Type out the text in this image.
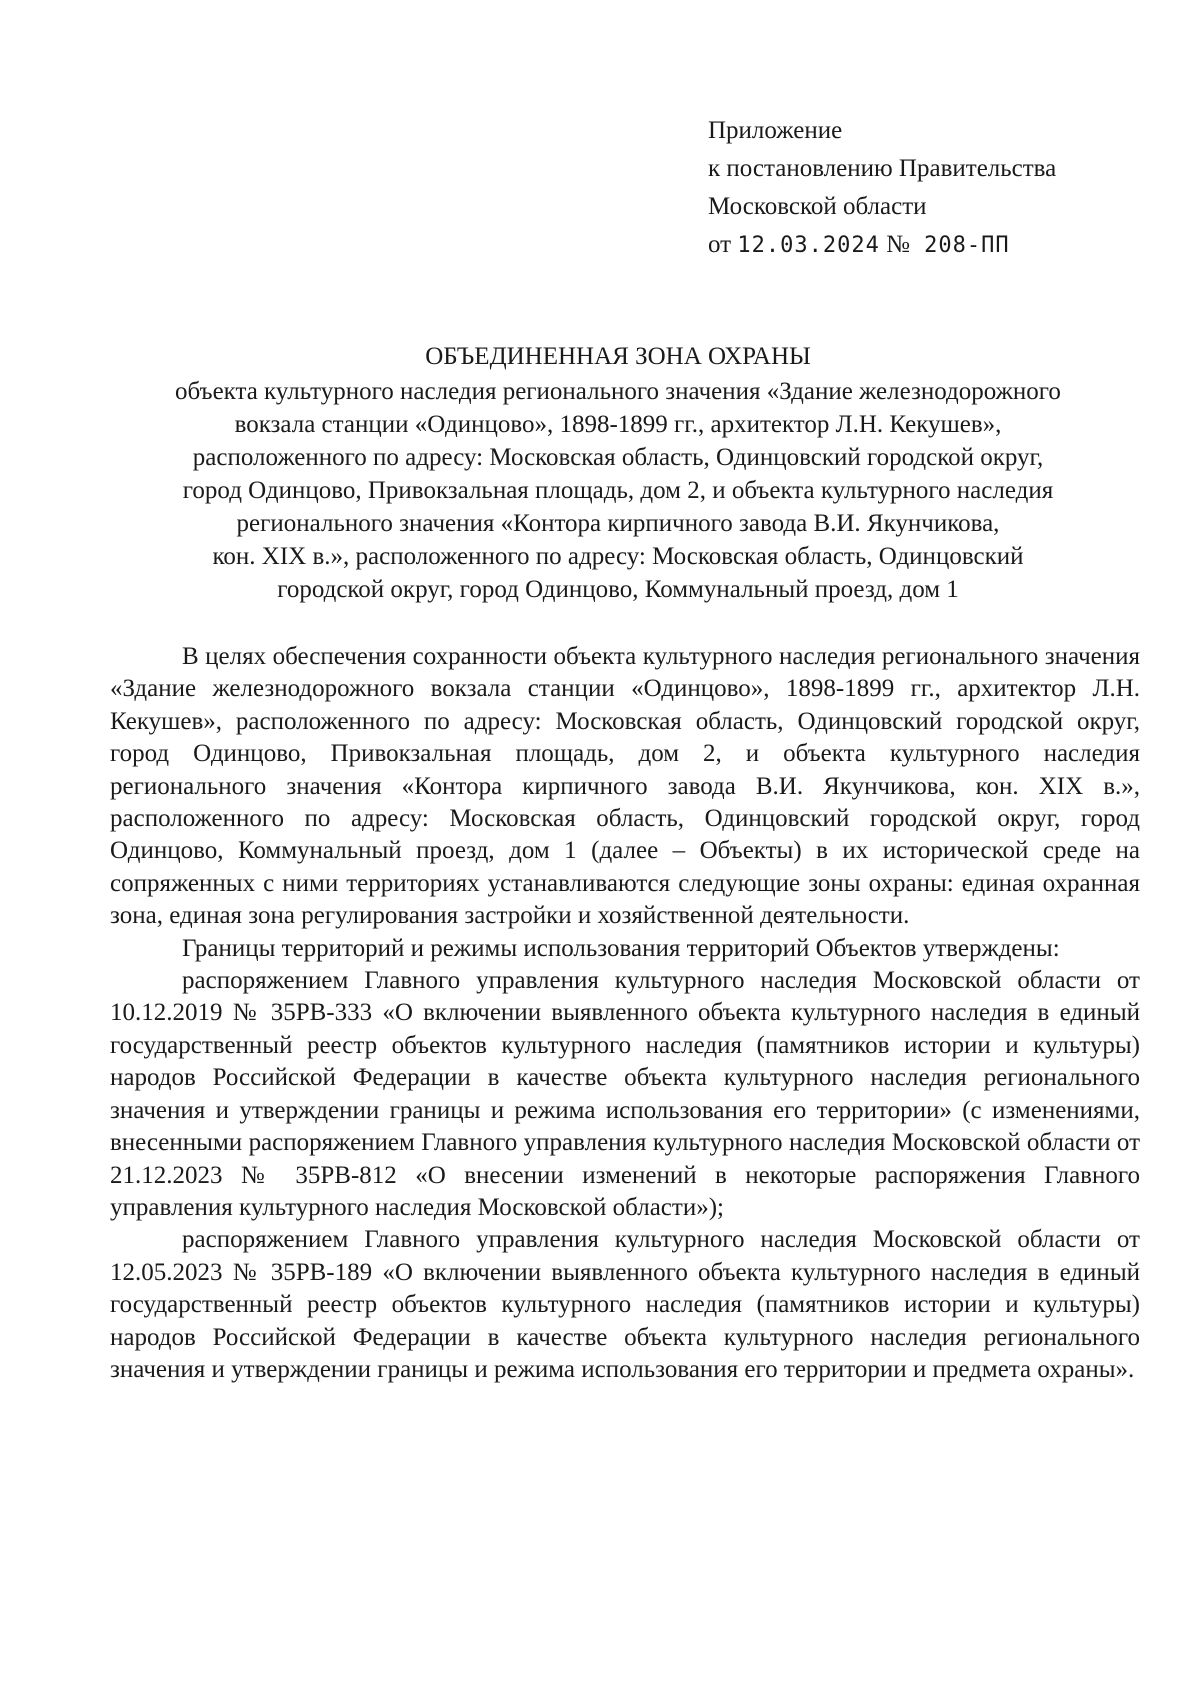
Приложение
к постановлению Правительства
Московской области
от 12.03.2024 № 208-ПП
ОБЪЕДИНЕННАЯ ЗОНА ОХРАНЫ
объекта культурного наследия регионального значения «Здание железнодорожного
вокзала станции «Одинцово», 1898-1899 гг., архитектор Л.Н. Кекушев»,
расположенного по адресу: Московская область, Одинцовский городской округ,
город Одинцово, Привокзальная площадь, дом 2, и объекта культурного наследия
регионального значения «Контора кирпичного завода В.И. Якунчикова,
кон. XIX в.», расположенного по адресу: Московская область, Одинцовский
городской округ, город Одинцово, Коммунальный проезд, дом 1

В целях обеспечения сохранности объекта культурного наследия регионального значения «Здание железнодорожного вокзала станции «Одинцово», 1898-1899 гг., архитектор Л.Н. Кекушев», расположенного по адресу: Московская область, Одинцовский городской округ, город Одинцово, Привокзальная площадь, дом 2, и объекта культурного наследия регионального значения «Контора кирпичного завода В.И. Якунчикова, кон. XIX в.», расположенного по адресу: Московская область, Одинцовский городской округ, город Одинцово, Коммунальный проезд, дом 1 (далее – Объекты) в их исторической среде на сопряженных с ними территориях устанавливаются следующие зоны охраны: единая охранная зона, единая зона регулирования застройки и хозяйственной деятельности.

Границы территорий и режимы использования территорий Объектов утверждены:

распоряжением Главного управления культурного наследия Московской области от 10.12.2019 № 35РВ-333 «О включении выявленного объекта культурного наследия в единый государственный реестр объектов культурного наследия (памятников истории и культуры) народов Российской Федерации в качестве объекта культурного наследия регионального значения и утверждении границы и режима использования его территории» (с изменениями, внесенными распоряжением Главного управления культурного наследия Московской области от 21.12.2023 № 35РВ-812 «О внесении изменений в некоторые распоряжения Главного управления культурного наследия Московской области»);

распоряжением Главного управления культурного наследия Московской области от 12.05.2023 № 35РВ-189 «О включении выявленного объекта культурного наследия в единый государственный реестр объектов культурного наследия (памятников истории и культуры) народов Российской Федерации в качестве объекта культурного наследия регионального значения и утверждении границы и режима использования его территории и предмета охраны».
